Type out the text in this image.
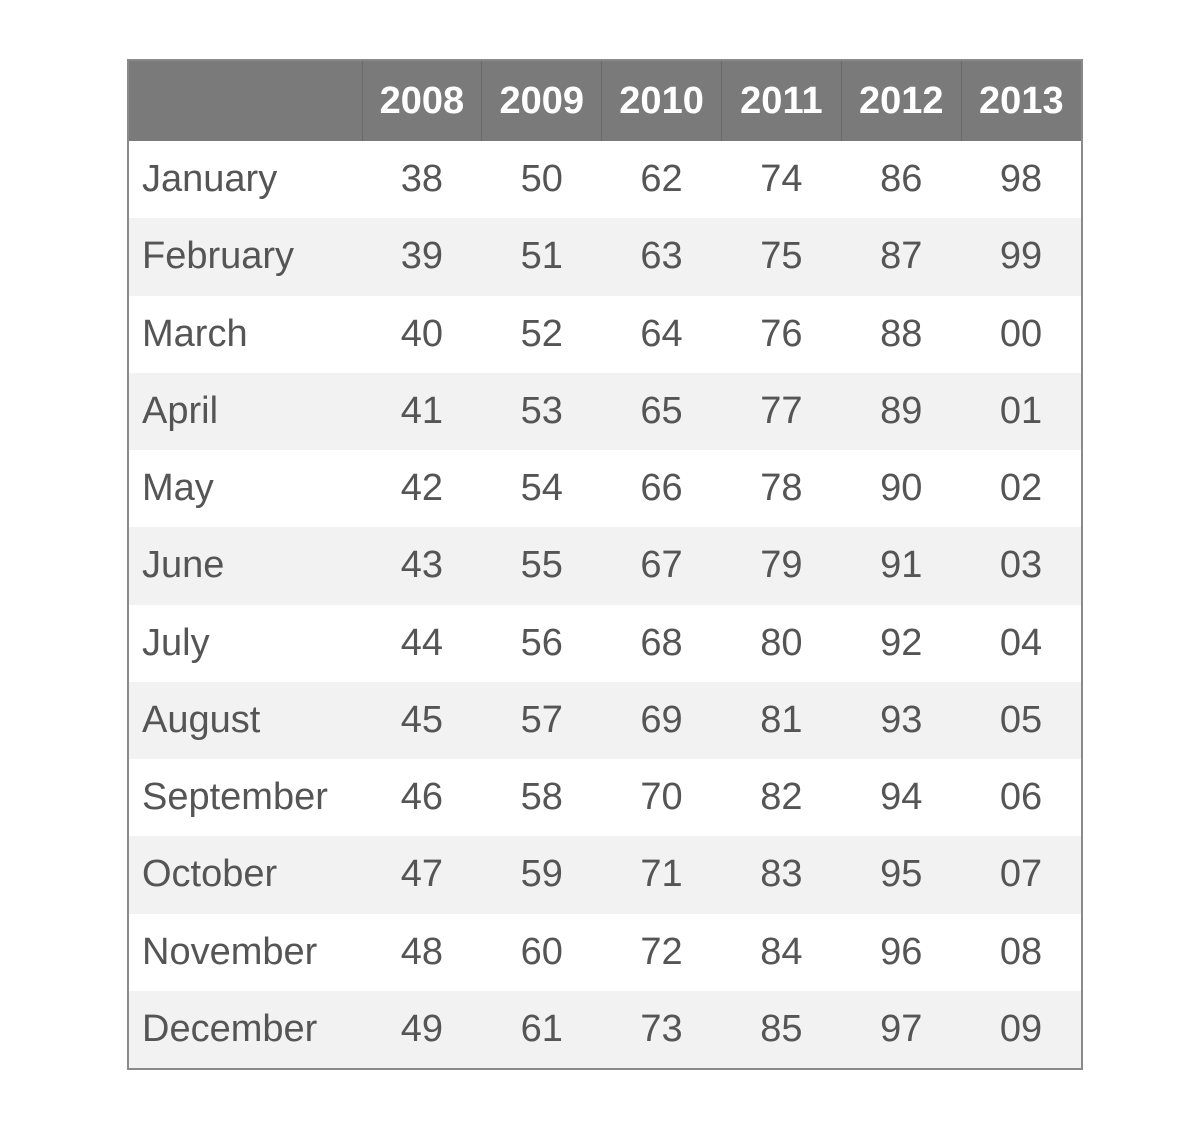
	2008	2009	2010	2011	2012	2013
January	38	50	62	74	86	98
February	39	51	63	75	87	99
March	40	52	64	76	88	00
April	41	53	65	77	89	01
May	42	54	66	78	90	02
June	43	55	67	79	91	03
July	44	56	68	80	92	04
August	45	57	69	81	93	05
September	46	58	70	82	94	06
October	47	59	71	83	95	07
November	48	60	72	84	96	08
December	49	61	73	85	97	09
